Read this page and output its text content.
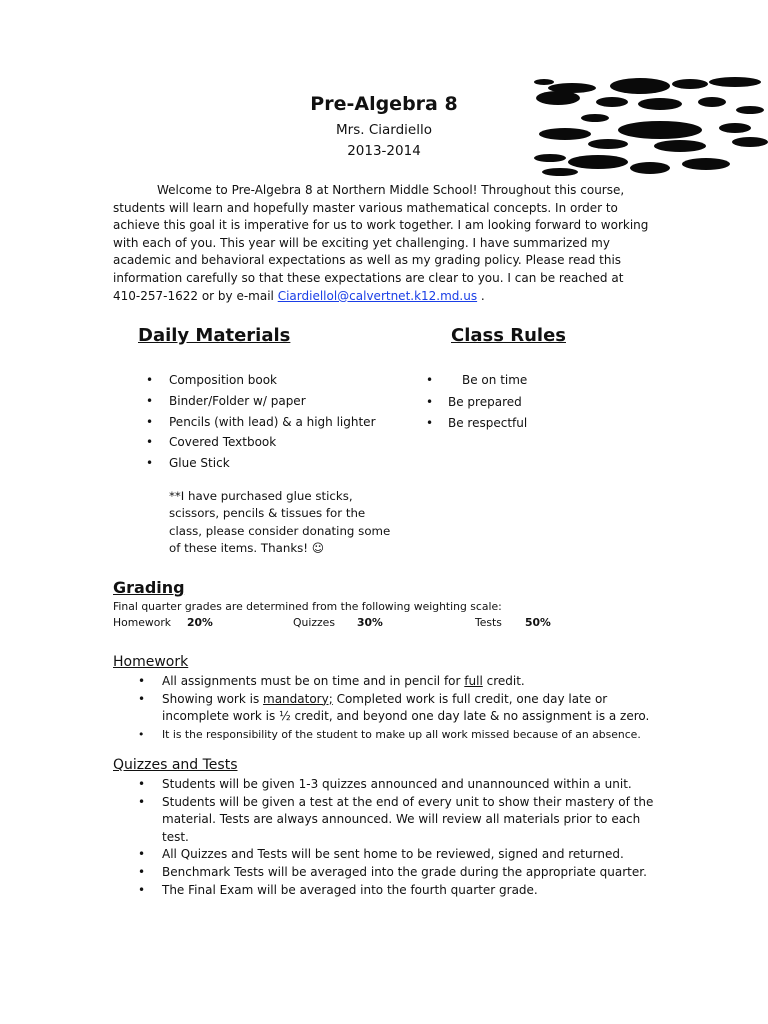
Pre-Algebra 8
Mrs. Ciardiello
2013-2014

Welcome to Pre-Algebra 8 at Northern Middle School! Throughout this course, students will learn and hopefully master various mathematical concepts. In order to achieve this goal it is imperative for us to work together. I am looking forward to working with each of you. This year will be exciting yet challenging. I have summarized my academic and behavioral expectations as well as my grading policy. Please read this information carefully so that these expectations are clear to you. I can be reached at 410-257-1622 or by e-mail Ciardiellol@calvertnet.k12.md.us .

Daily Materials	Class Rules
• Composition book
• Binder/Folder w/ paper
• Pencils (with lead) & a high lighter
• Covered Textbook
• Glue Stick
**I have purchased glue sticks, scissors, pencils & tissues for the class, please consider donating some of these items. Thanks! ☺
• Be on time
• Be prepared
• Be respectful
Grading
Final quarter grades are determined from the following weighting scale:
Homework 20%	Quizzes 30%	Tests 50%
Homework
• All assignments must be on time and in pencil for full credit.
• Showing work is mandatory; Completed work is full credit, one day late or incomplete work is ½ credit, and beyond one day late & no assignment is a zero.
• It is the responsibility of the student to make up all work missed because of an absence.
Quizzes and Tests
• Students will be given 1-3 quizzes announced and unannounced within a unit.
• Students will be given a test at the end of every unit to show their mastery of the material. Tests are always announced. We will review all materials prior to each test.
• All Quizzes and Tests will be sent home to be reviewed, signed and returned.
• Benchmark Tests will be averaged into the grade during the appropriate quarter.
• The Final Exam will be averaged into the fourth quarter grade.
